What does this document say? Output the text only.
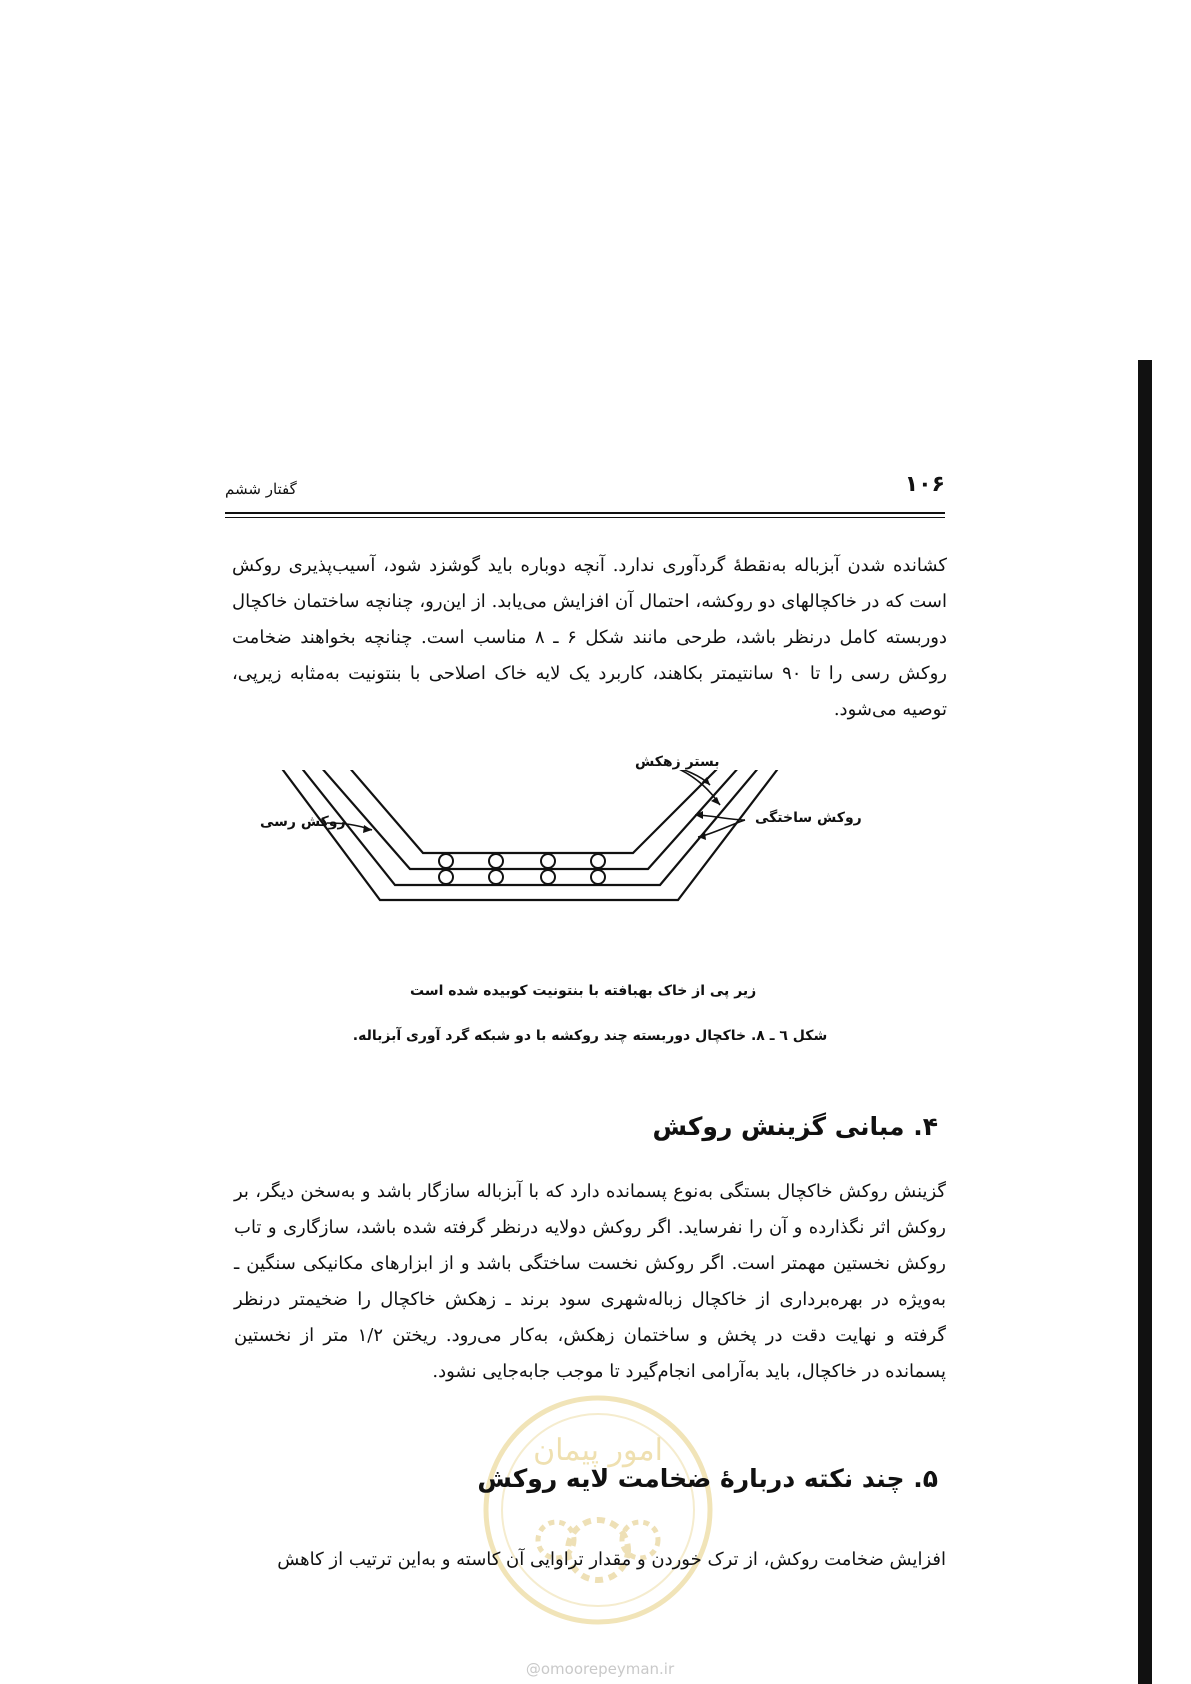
۱۰۶
گفتار ششم
کشانده شدن آبزباله به‌نقطهٔ گردآوری ندارد. آنچه دوباره باید گوشزد شود، آسیب‌پذیری روکش است که در خاکچالهای دو روکشه، احتمال آن افزایش می‌یابد. از این‌رو، چنانچه ساختمان خاکچال دوربسته کامل درنظر باشد، طرحی مانند شکل ۶ ـ ۸ مناسب است. چنانچه بخواهند ضخامت روکش رسی را تا ۹۰ سانتیمتر بکاهند، کاربرد یک لایه خاک اصلاحی با بنتونیت به‌مثابه زیرپی، توصیه می‌شود.
بستر زهکش
روکش ساختگی
روکش رسی
زیر پی از خاک بهبافته با بنتونیت کوبیده شده است
شکل ٦ ـ ٨. خاکچال دوربسته چند روکشه با دو شبکه گرد آوری آبزباله.
۴. مبانی گزینش روکش
گزینش روکش خاکچال بستگی به‌نوع پسمانده دارد که با آبزباله سازگار باشد و به‌سخن دیگر، بر روکش اثر نگذارده و آن را نفرساید. اگر روکش دولایه درنظر گرفته شده باشد، سازگاری و تاب روکش نخستین مهمتر است. اگر روکش نخست ساختگی باشد و از ابزارهای مکانیکی سنگین ـ به‌ویژه در بهره‌برداری از خاکچال زباله‌شهری سود برند ـ زهکش خاکچال را ضخیمتر درنظر گرفته و نهایت دقت در پخش و ساختمان زهکش، به‌کار می‌رود. ریختن ۱/۲ متر از نخستین پسمانده در خاکچال، باید به‌آرامی انجام‌گیرد تا موجب جابه‌جایی نشود.
امور پیمان
۵. چند نکته دربارهٔ ضخامت لایه روکش
افزایش ضخامت روکش، از ترک خوردن و مقدار تراوایی آن کاسته و به‌این ترتیب از کاهش
@omoorepeyman.ir
